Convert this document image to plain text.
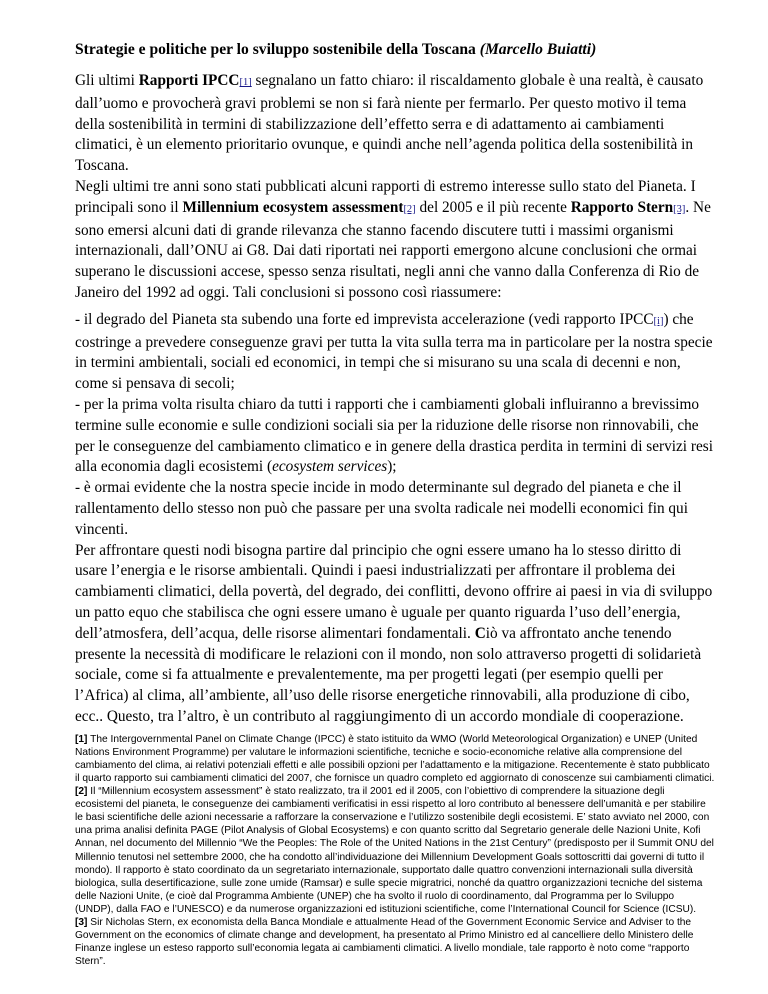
Strategie e politiche per lo sviluppo sostenibile della Toscana (Marcello Buiatti)

Gli ultimi Rapporti IPCC[1] segnalano un fatto chiaro: il riscaldamento globale è una realtà, è causato dall’uomo e provocherà gravi problemi se non si farà niente per fermarlo. Per questo motivo il tema della sostenibilità in termini di stabilizzazione dell’effetto serra e di adattamento ai cambiamenti climatici, è un elemento prioritario ovunque, e quindi anche nell’agenda politica della sostenibilità in Toscana.

Negli ultimi tre anni sono stati pubblicati alcuni rapporti di estremo interesse sullo stato del Pianeta. I principali sono il Millennium ecosystem assessment[2] del 2005 e il più recente Rapporto Stern[3]. Ne sono emersi alcuni dati di grande rilevanza che stanno facendo discutere tutti i massimi organismi internazionali, dall’ONU ai G8. Dai dati riportati nei rapporti emergono alcune conclusioni che ormai superano le discussioni accese, spesso senza risultati, negli anni che vanno dalla Conferenza di Rio de Janeiro del 1992 ad oggi. Tali conclusioni si possono così riassumere:

- il degrado del Pianeta sta subendo una forte ed imprevista accelerazione (vedi rapporto IPCC[i]) che costringe a prevedere conseguenze gravi per tutta la vita sulla terra ma in particolare per la nostra specie in termini ambientali, sociali ed economici, in tempi che si misurano su una scala di decenni e non, come si pensava di secoli;

- per la prima volta risulta chiaro da tutti i rapporti che i cambiamenti globali influiranno a brevissimo termine sulle economie e sulle condizioni sociali sia per la riduzione delle risorse non rinnovabili, che per le conseguenze del cambiamento climatico e in genere della drastica perdita in termini di servizi resi alla economia dagli ecosistemi (ecosystem services);

- è ormai evidente che la nostra specie incide in modo determinante sul degrado del pianeta e che il rallentamento dello stesso non può che passare per una svolta radicale nei modelli economici fin qui vincenti.

Per affrontare questi nodi bisogna partire dal principio che ogni essere umano ha lo stesso diritto di usare l’energia e le risorse ambientali. Quindi i paesi industrializzati per affrontare il problema dei cambiamenti climatici, della povertà, del degrado, dei conflitti, devono offrire ai paesi in via di sviluppo un patto equo che stabilisca che ogni essere umano è uguale per quanto riguarda l’uso dell’energia, dell’atmosfera, dell’acqua, delle risorse alimentari fondamentali. Ciò va affrontato anche tenendo presente la necessità di modificare le relazioni con il mondo, non solo attraverso progetti di solidarietà sociale, come si fa attualmente e prevalentemente, ma per progetti legati (per esempio quelli per l’Africa) al clima, all’ambiente, all’uso delle risorse energetiche rinnovabili, alla produzione di cibo, ecc.. Questo, tra l’altro, è un contributo al raggiungimento di un accordo mondiale di cooperazione.

[1] The Intergovernmental Panel on Climate Change (IPCC) è stato istituito da WMO (World Meteorological Organization) e UNEP (United Nations Environment Programme) per valutare le informazioni scientifiche, tecniche e socio-economiche relative alla comprensione del cambiamento del clima, ai relativi potenziali effetti e alle possibili opzioni per l’adattamento e la mitigazione. Recentemente è stato pubblicato il quarto rapporto sui cambiamenti climatici del 2007, che fornisce un quadro completo ed aggiornato di conoscenze sui cambiamenti climatici.

[2] Il “Millennium ecosystem assessment” è stato realizzato, tra il 2001 ed il 2005, con l’obiettivo di comprendere la situazione degli ecosistemi del pianeta, le conseguenze dei cambiamenti verificatisi in essi rispetto al loro contributo al benessere dell’umanità e per stabilire le basi scientifiche delle azioni necessarie a rafforzare la conservazione e l’utilizzo sostenibile degli ecosistemi. E’ stato avviato nel 2000, con una prima analisi definita PAGE (Pilot Analysis of Global Ecosystems) e con quanto scritto dal Segretario generale delle Nazioni Unite, Kofi Annan, nel documento del Millennio “We the Peoples: The Role of the United Nations in the 21st Century” (predisposto per il Summit ONU del Millennio tenutosi nel settembre 2000, che ha condotto all’individuazione dei Millennium Development Goals sottoscritti dai governi di tutto il mondo). Il rapporto è stato coordinato da un segretariato internazionale, supportato dalle quattro convenzioni internazionali sulla diversità biologica, sulla desertificazione, sulle zone umide (Ramsar) e sulle specie migratrici, nonché da quattro organizzazioni tecniche del sistema delle Nazioni Unite, (e cioè dal Programma Ambiente (UNEP) che ha svolto il ruolo di coordinamento, dal Programma per lo Sviluppo (UNDP), dalla FAO e l’UNESCO) e da numerose organizzazioni ed istituzioni scientifiche, come l’International Council for Science (ICSU).

[3] Sir Nicholas Stern, ex economista della Banca Mondiale e attualmente Head of the Government Economic Service and Adviser to the Government on the economics of climate change and development, ha presentato al Primo Ministro ed al cancelliere dello Ministero delle Finanze inglese un esteso rapporto sull’economia legata ai cambiamenti climatici. A livello mondiale, tale rapporto è noto come “rapporto Stern”.
